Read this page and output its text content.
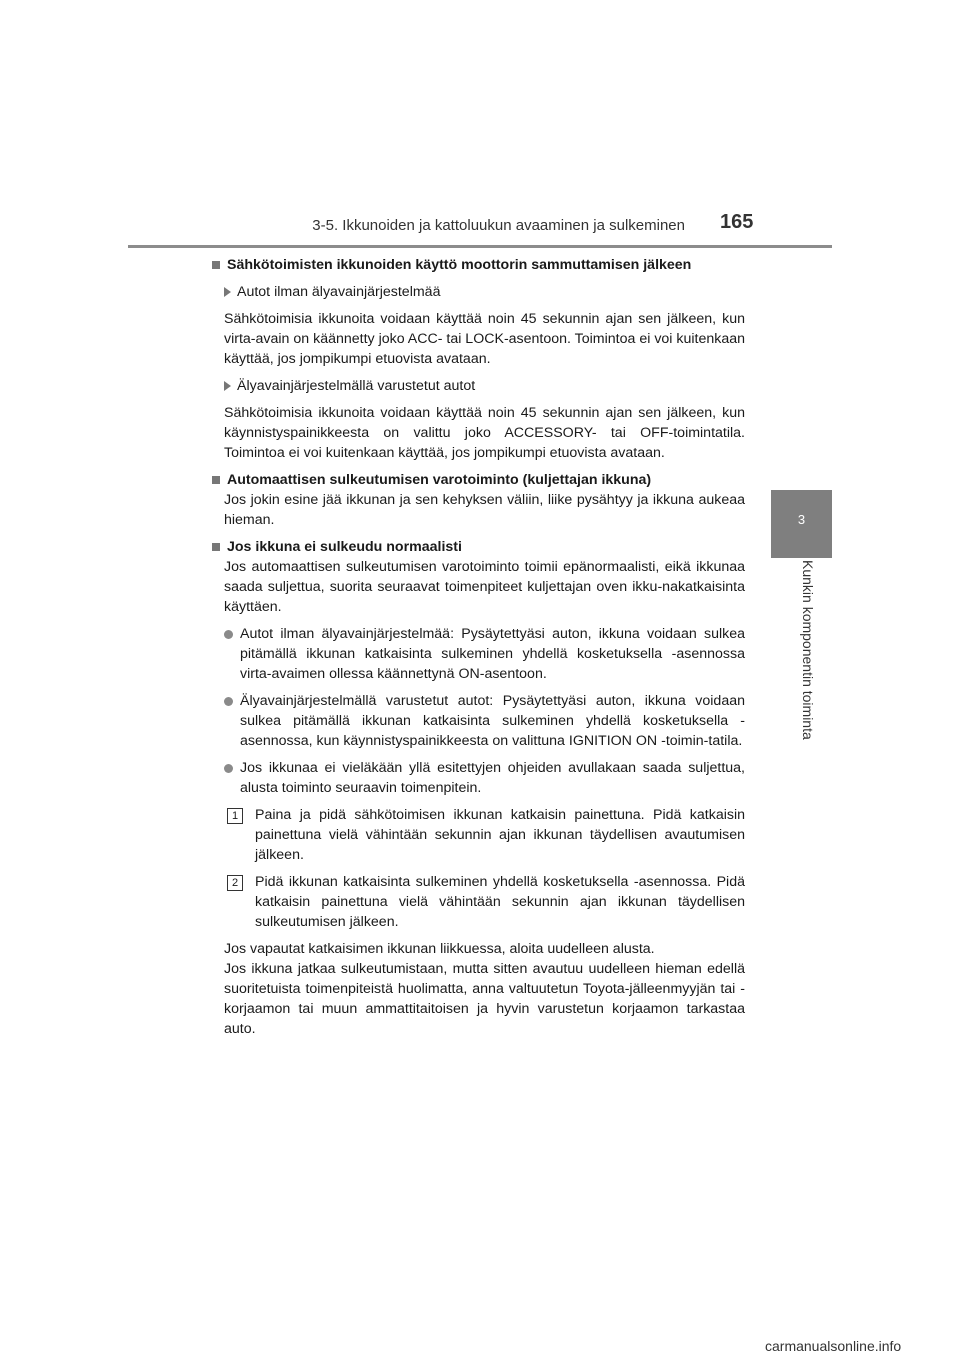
3-5. Ikkunoiden ja kattoluukun avaaminen ja sulkeminen 165
3
Kunkin komponentin toiminta
Sähkötoimisten ikkunoiden käyttö moottorin sammuttamisen jälkeen
Autot ilman älyavainjärjestelmää

Sähkötoimisia ikkunoita voidaan käyttää noin 45 sekunnin ajan sen jälkeen, kun virta-avain on käännetty joko ACC- tai LOCK-asentoon. Toimintoa ei voi kuitenkaan käyttää, jos jompikumpi etuovista avataan.

Älyavainjärjestelmällä varustetut autot

Sähkötoimisia ikkunoita voidaan käyttää noin 45 sekunnin ajan sen jälkeen, kun käynnistyspainikkeesta on valittu joko ACCESSORY- tai OFF-toimintatila. Toimintoa ei voi kuitenkaan käyttää, jos jompikumpi etuovista avataan.

Automaattisen sulkeutumisen varotoiminto (kuljettajan ikkuna)

Jos jokin esine jää ikkunan ja sen kehyksen väliin, liike pysähtyy ja ikkuna aukeaa hieman.

Jos ikkuna ei sulkeudu normaalisti

Jos automaattisen sulkeutumisen varotoiminto toimii epänormaalisti, eikä ikkunaa saada suljettua, suorita seuraavat toimenpiteet kuljettajan oven ikku-nakatkaisinta käyttäen.

Autot ilman älyavainjärjestelmää: Pysäytettyäsi auton, ikkuna voidaan sulkea pitämällä ikkunan katkaisinta sulkeminen yhdellä kosketuksella -asennossa virta-avaimen ollessa käännettynä ON-asentoon.
Älyavainjärjestelmällä varustetut autot: Pysäytettyäsi auton, ikkuna voidaan sulkea pitämällä ikkunan katkaisinta sulkeminen yhdellä kosketuksella -asennossa, kun käynnistyspainikkeesta on valittuna IGNITION ON -toimin-tatila.
Jos ikkunaa ei vieläkään yllä esitettyjen ohjeiden avullakaan saada suljettua, alusta toiminto seuraavin toimenpitein.
1	Paina ja pidä sähkötoimisen ikkunan katkaisin painettuna. Pidä katkaisin painettuna vielä vähintään sekunnin ajan ikkunan täydellisen avautumisen jälkeen.
2	Pidä ikkunan katkaisinta sulkeminen yhdellä kosketuksella -asennossa. Pidä katkaisin painettuna vielä vähintään sekunnin ajan ikkunan täydellisen sulkeutumisen jälkeen.

Jos vapautat katkaisimen ikkunan liikkuessa, aloita uudelleen alusta.

Jos ikkuna jatkaa sulkeutumistaan, mutta sitten avautuu uudelleen hieman edellä suoritetuista toimenpiteistä huolimatta, anna valtuutetun Toyota-jälleenmyyjän tai -korjaamon tai muun ammattitaitoisen ja hyvin varustetun korjaamon tarkastaa auto.

carmanualsonline.info
